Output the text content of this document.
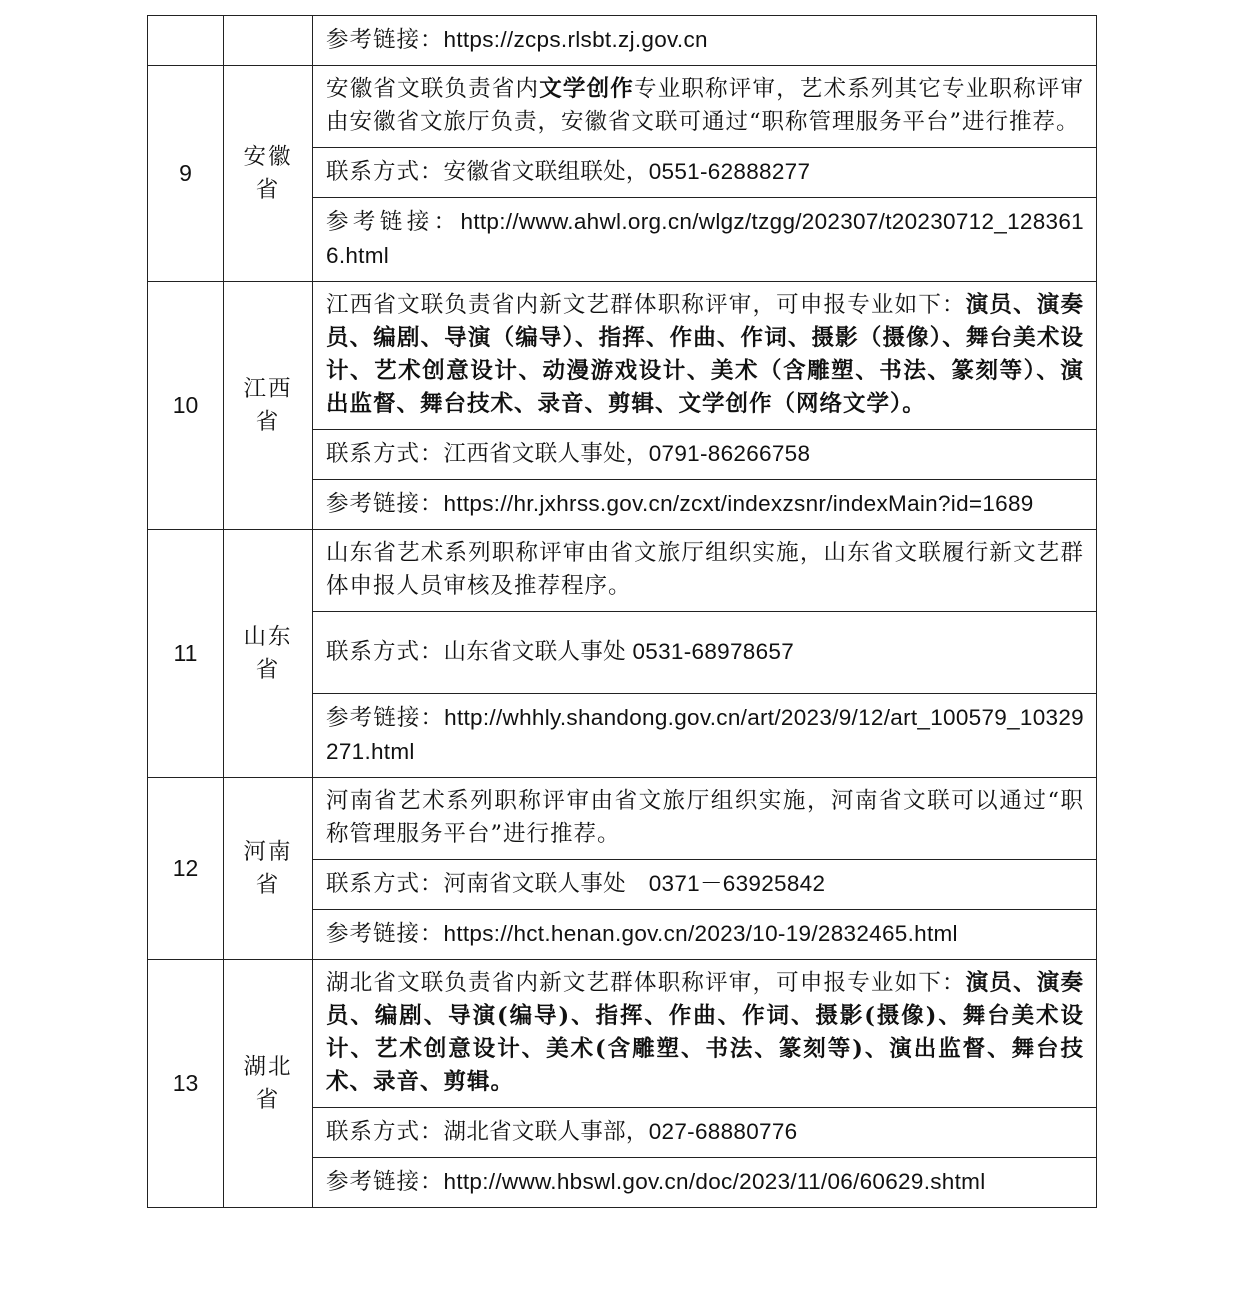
	参考链接：https://zcps.rlsbt.zj.gov.cn
9	安徽省	安徽省文联负责省内文学创作专业职称评审，艺术系列其它专业职称评审由安徽省文旅厅负责，安徽省文联可通过“职称管理服务平台”进行推荐。
		联系方式：安徽省文联组联处，0551-62888277
		参考链接：http://www.ahwl.org.cn/wlgz/tzgg/202307/t20230712_1283616.html
10	江西省	江西省文联负责省内新文艺群体职称评审，可申报专业如下：演员、演奏员、编剧、导演（编导）、指挥、作曲、作词、摄影（摄像）、舞台美术设计、艺术创意设计、动漫游戏设计、美术（含雕塑、书法、篆刻等）、演出监督、舞台技术、录音、剪辑、文学创作（网络文学）。
		联系方式：江西省文联人事处，0791-86266758
		参考链接：https://hr.jxhrss.gov.cn/zcxt/indexzsnr/indexMain?id=1689
11	山东省	山东省艺术系列职称评审由省文旅厅组织实施，山东省文联履行新文艺群体申报人员审核及推荐程序。
		联系方式：山东省文联人事处 0531-68978657
		参考链接：http://whhly.shandong.gov.cn/art/2023/9/12/art_100579_10329271.html
12	河南省	河南省艺术系列职称评审由省文旅厅组织实施，河南省文联可以通过“职称管理服务平台”进行推荐。
		联系方式：河南省文联人事处　0371－63925842
		参考链接：https://hct.henan.gov.cn/2023/10-19/2832465.html
13	湖北省	湖北省文联负责省内新文艺群体职称评审，可申报专业如下：演员、演奏员、编剧、导演(编导)、指挥、作曲、作词、摄影(摄像)、舞台美术设计、艺术创意设计、美术(含雕塑、书法、篆刻等)、演出监督、舞台技术、录音、剪辑。
		联系方式：湖北省文联人事部，027-68880776
		参考链接：http://www.hbswl.gov.cn/doc/2023/11/06/60629.shtml
